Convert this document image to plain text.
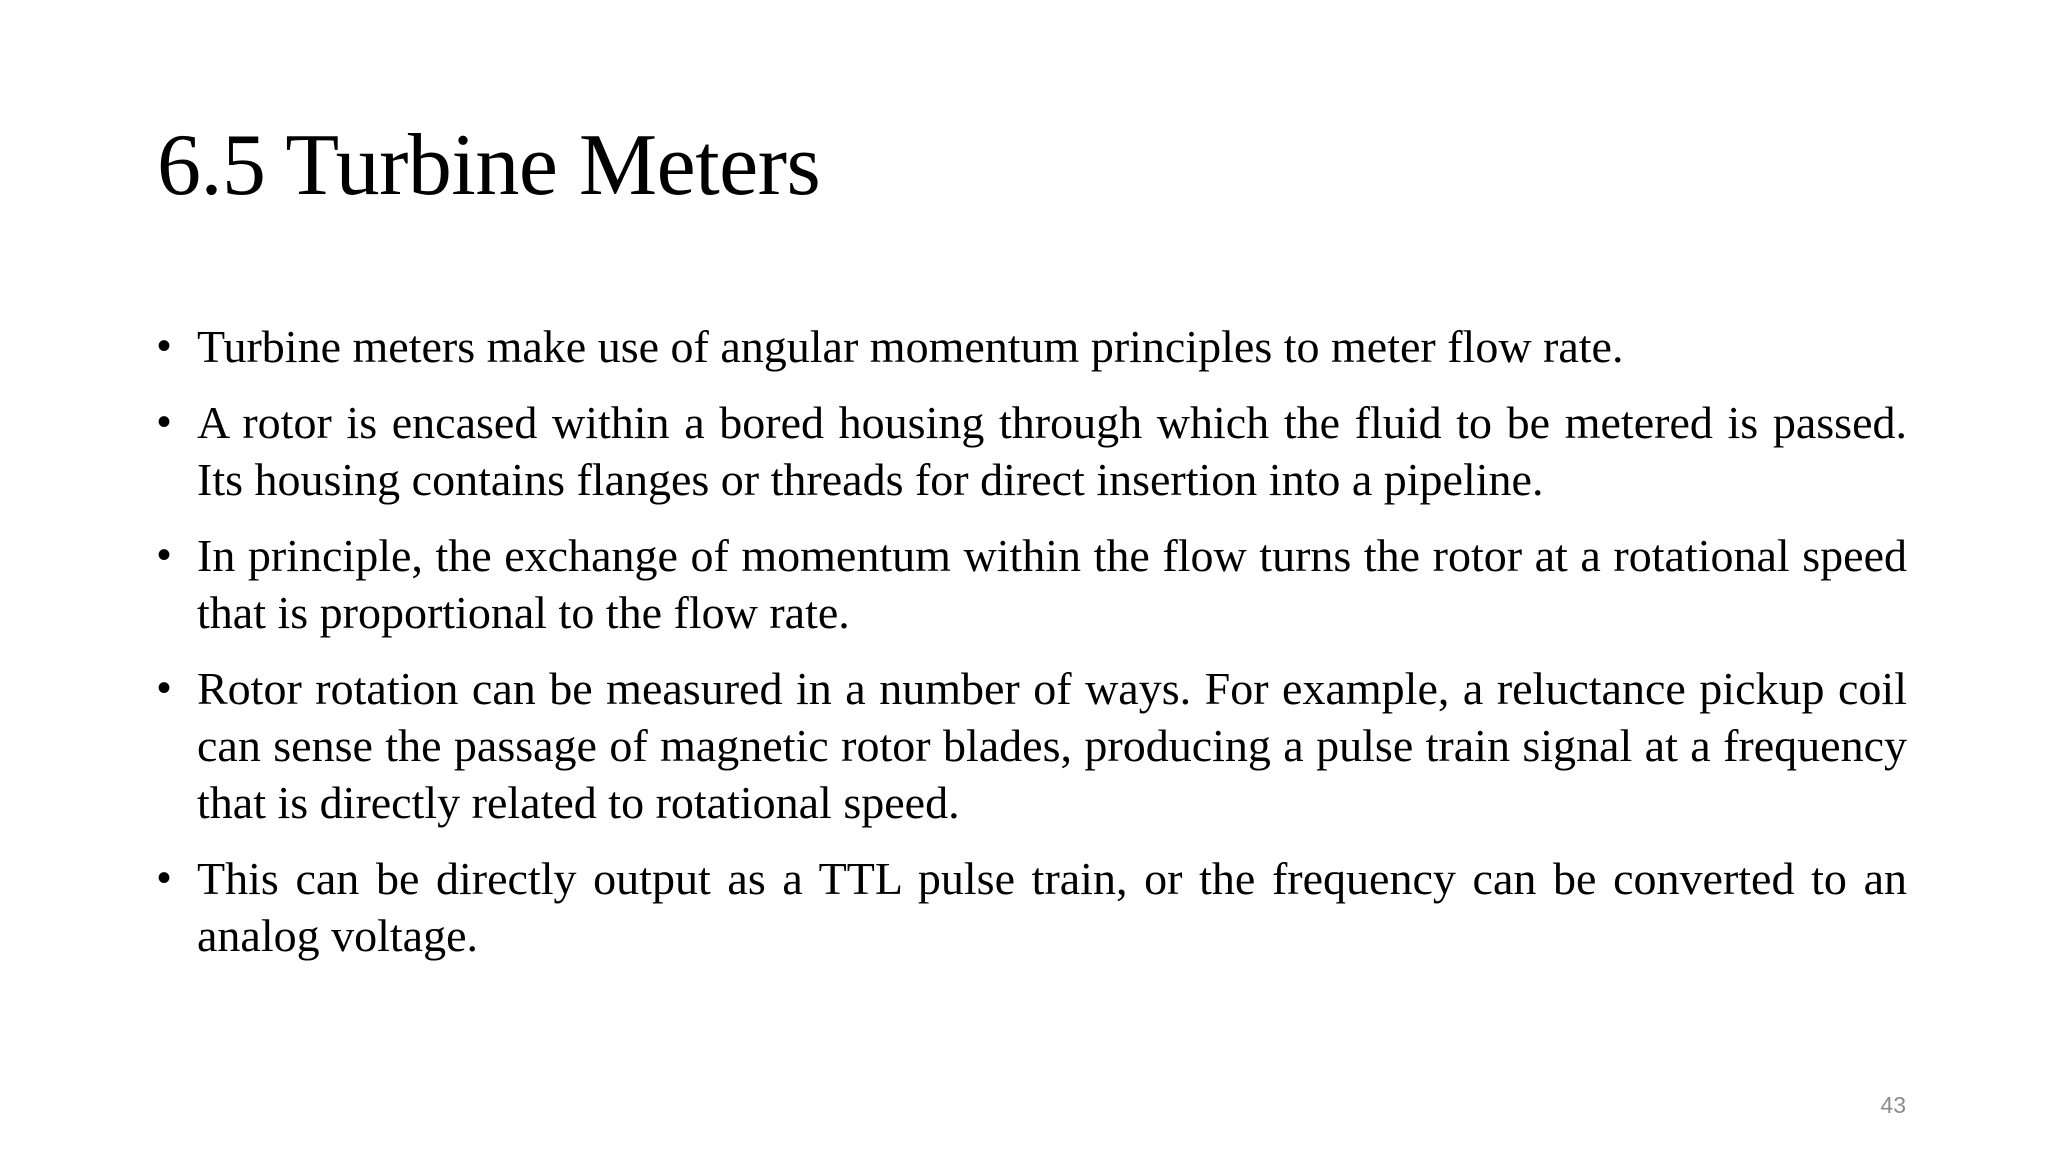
6.5 Turbine Meters
• Turbine meters make use of angular momentum principles to meter flow rate.
• A rotor is encased within a bored housing through which the fluid to be metered is passed. Its housing contains flanges or threads for direct insertion into a pipeline.
• In principle, the exchange of momentum within the flow turns the rotor at a rotational speed that is proportional to the flow rate.
• Rotor rotation can be measured in a number of ways. For example, a reluctance pickup coil can sense the passage of magnetic rotor blades, producing a pulse train signal at a frequency that is directly related to rotational speed.
• This can be directly output as a TTL pulse train, or the frequency can be converted to an analog voltage.
43
